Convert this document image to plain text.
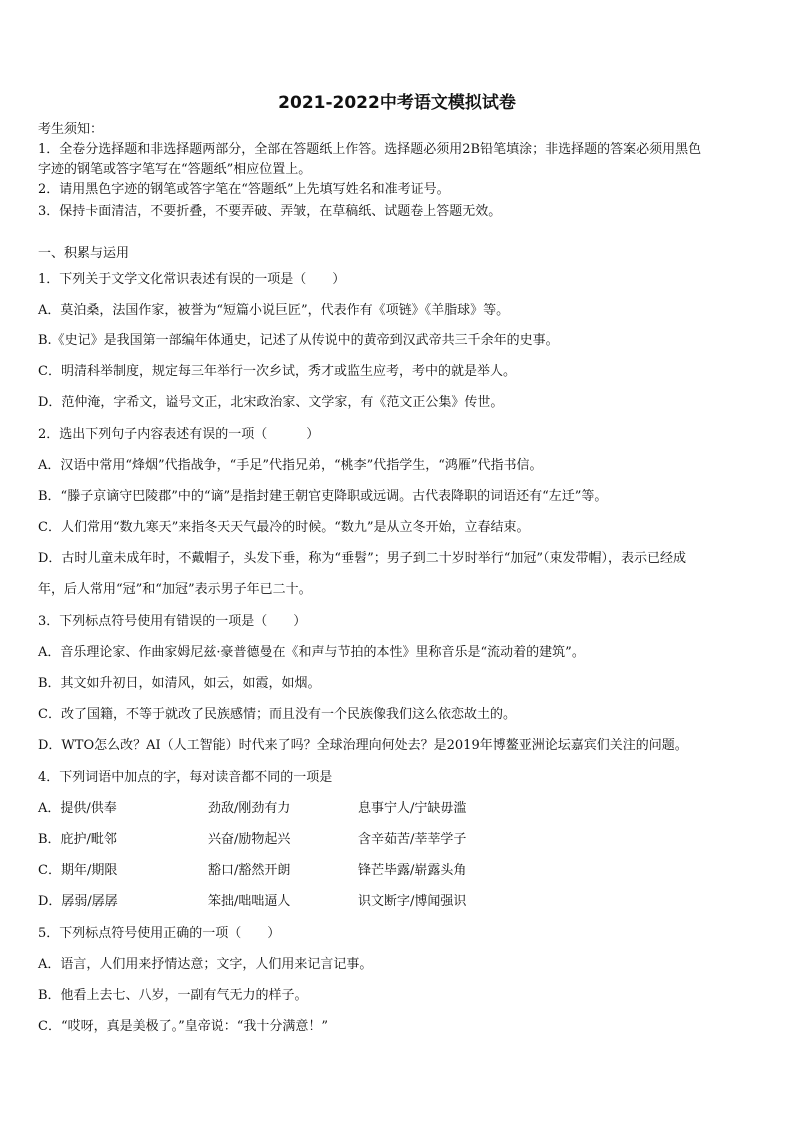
2021-2022中考语文模拟试卷
考生须知：
1．全卷分选择题和非选择题两部分，全部在答题纸上作答。选择题必须用2B铅笔填涂；非选择题的答案必须用黑色
字迹的钢笔或答字笔写在“答题纸”相应位置上。
2．请用黑色字迹的钢笔或答字笔在“答题纸”上先填写姓名和准考证号。
3．保持卡面清洁，不要折叠，不要弄破、弄皱，在草稿纸、试题卷上答题无效。
一、积累与运用
1．下列关于文学文化常识表述有误的一项是（　　）
A．莫泊桑，法国作家，被誉为“短篇小说巨匠”，代表作有《项链》《羊脂球》等。
B.《史记》是我国第一部编年体通史，记述了从传说中的黄帝到汉武帝共三千余年的史事。
C．明清科举制度，规定每三年举行一次乡试，秀才或监生应考，考中的就是举人。
D．范仲淹，字希文，谥号文正，北宋政治家、文学家，有《范文正公集》传世。
2．选出下列句子内容表述有误的一项（　　　）
A．汉语中常用“烽烟”代指战争，“手足”代指兄弟，“桃李”代指学生，“鸿雁”代指书信。
B．“滕子京谪守巴陵郡”中的“谪”是指封建王朝官吏降职或远调。古代表降职的词语还有“左迁”等。
C．人们常用“数九寒天”来指冬天天气最冷的时候。“数九”是从立冬开始，立春结束。
D．古时儿童未成年时，不戴帽子，头发下垂，称为“垂髫”；男子到二十岁时举行“加冠”（束发带帽），表示已经成
年，后人常用“冠”和“加冠”表示男子年已二十。
3．下列标点符号使用有错误的一项是（　　）
A．音乐理论家、作曲家姆尼兹·豪普德曼在《和声与节拍的本性》里称音乐是“流动着的建筑”。
B．其文如升初日，如清风，如云，如霞，如烟。
C．改了国籍，不等于就改了民族感情；而且没有一个民族像我们这么依恋故土的。
D．WTO怎么改？AI（人工智能）时代来了吗？全球治理向何处去？是2019年博鳌亚洲论坛嘉宾们关注的问题。
4．下列词语中加点的字，每对读音都不同的一项是
A．提供/供奉	劲敌/刚劲有力	息事宁人/宁缺毋滥
B．庇护/毗邻	兴奋/励物起兴	含辛茹苦/莘莘学子
C．期年/期限	豁口/豁然开朗	锋芒毕露/崭露头角
D．孱弱/孱孱	笨拙/咄咄逼人	识文断字/博闻强识
5．下列标点符号使用正确的一项（　　）
A．语言，人们用来抒情达意；文字，人们用来记言记事。
B．他看上去七、八岁，一副有气无力的样子。
C．“哎呀，真是美极了。”皇帝说：“我十分满意！”
